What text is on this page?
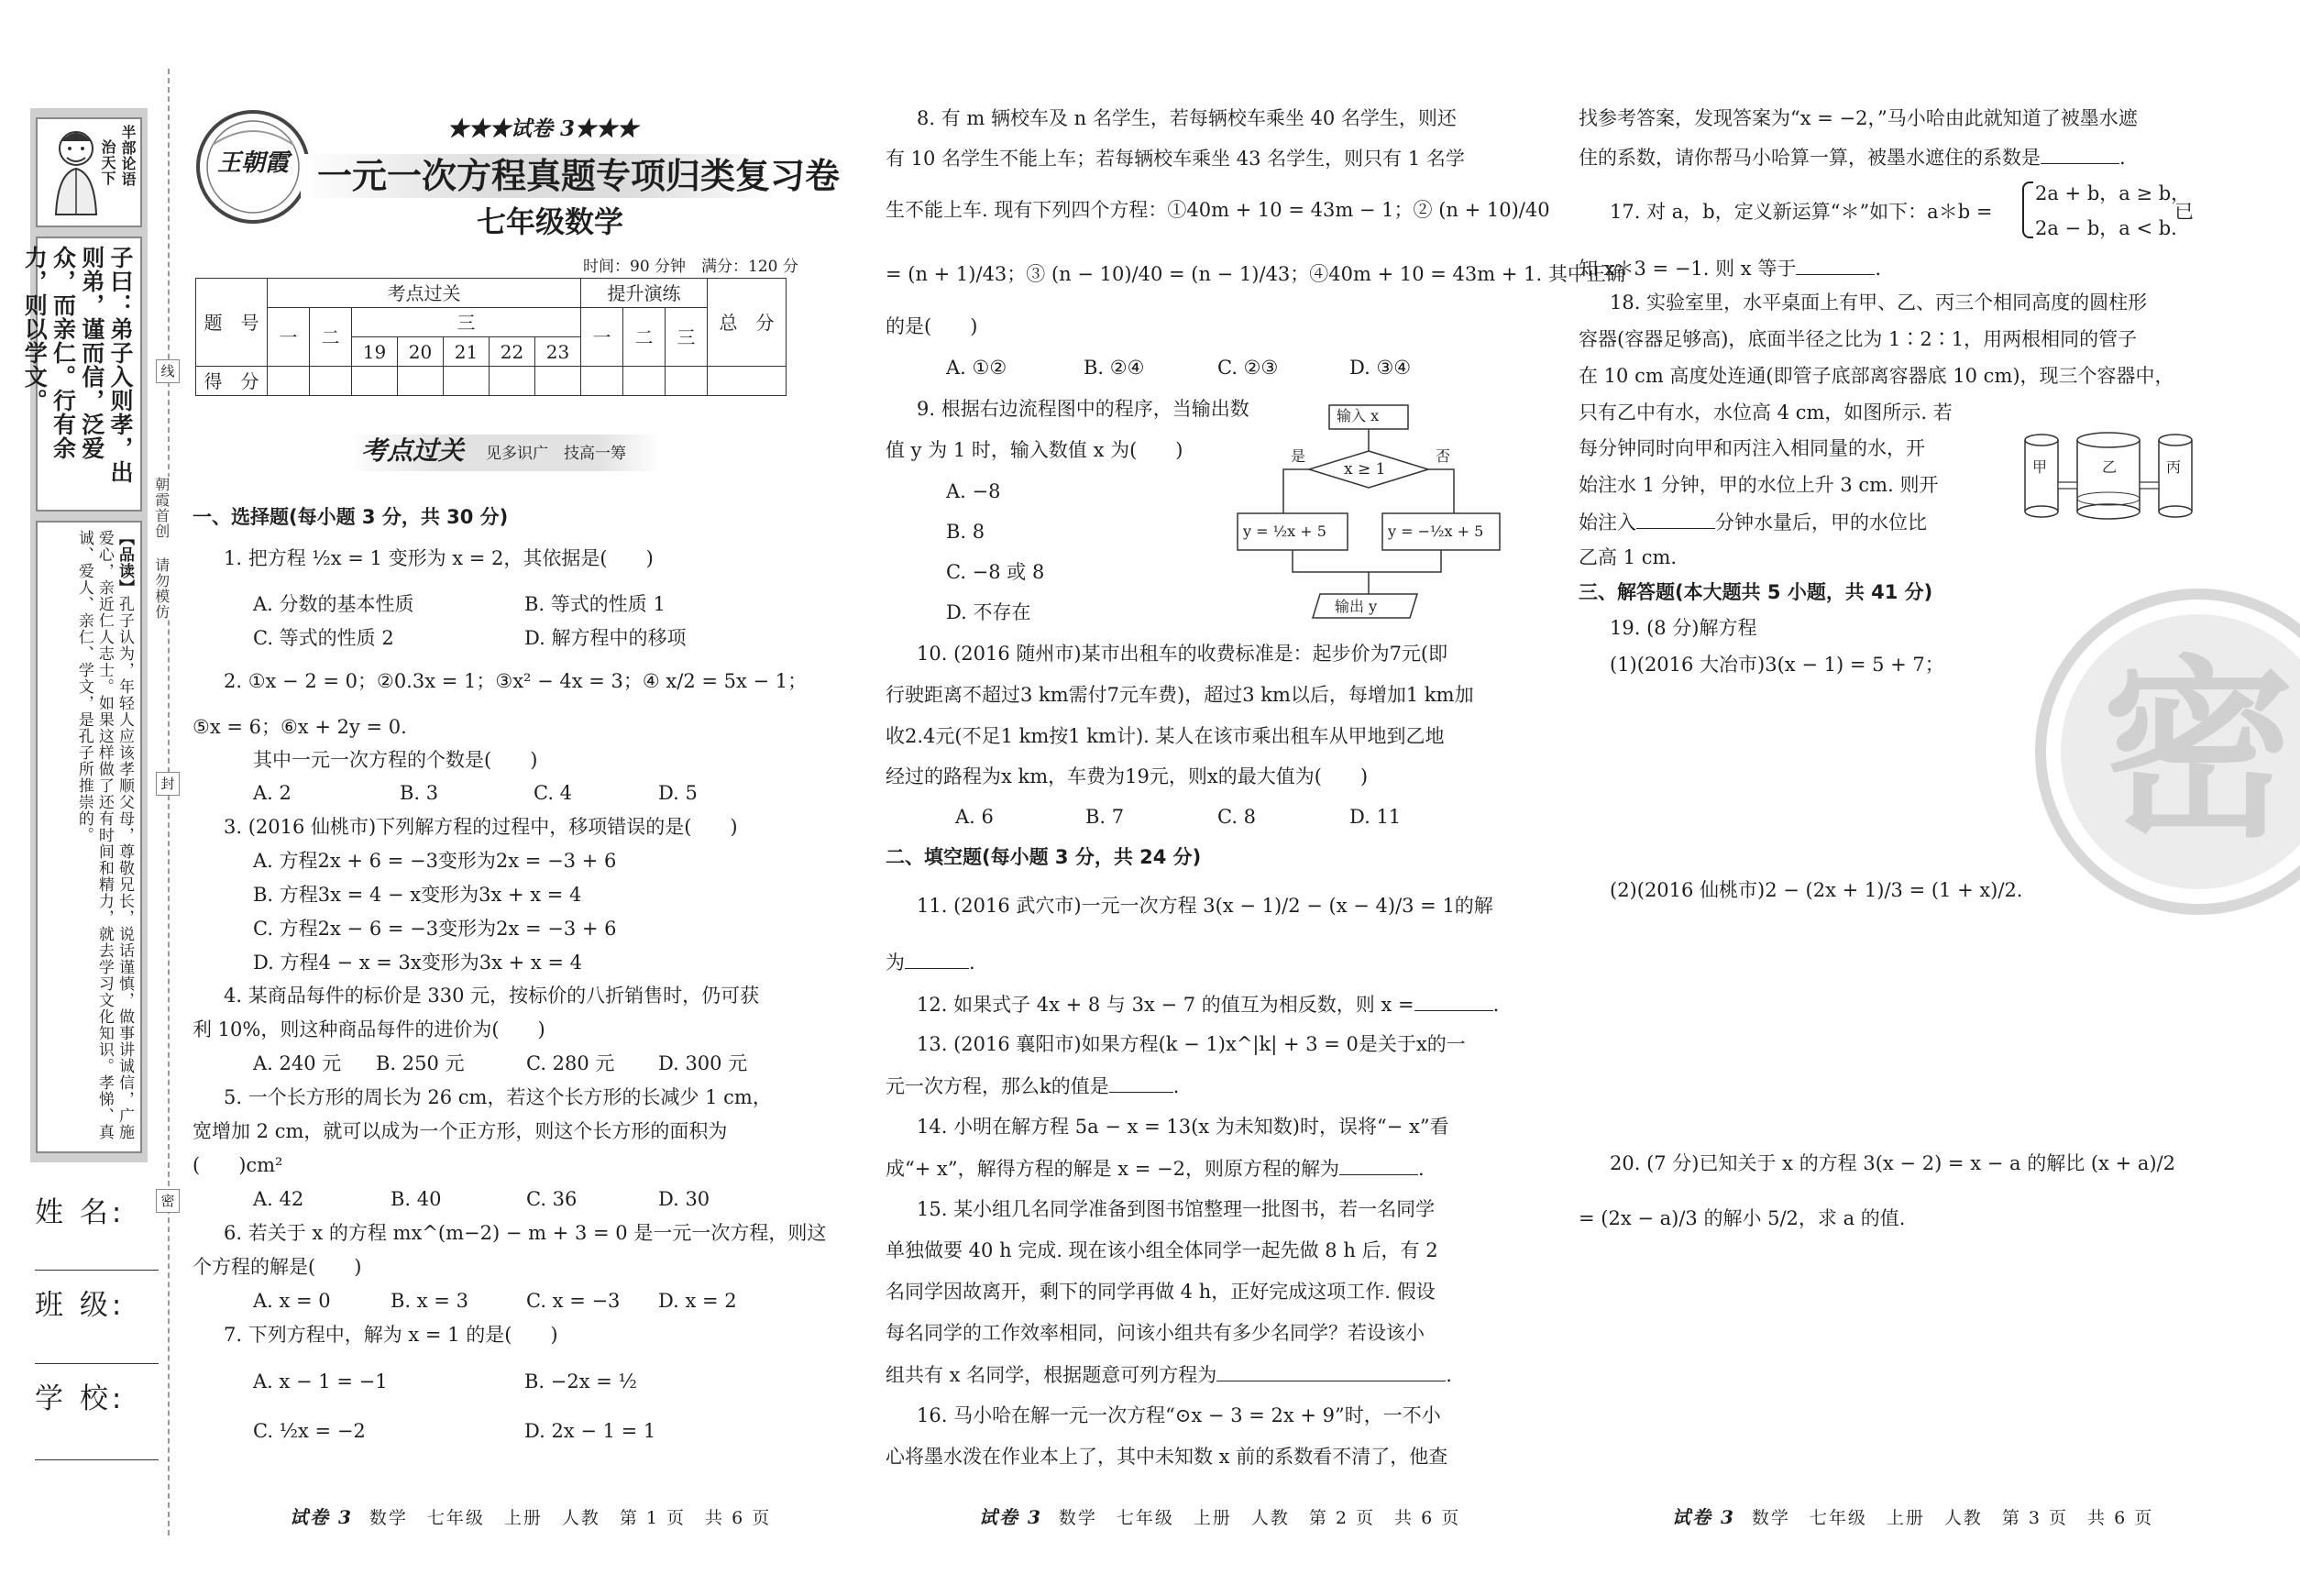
半部论语
治天下
子曰：弟子入则孝，出则弟，谨而信，泛爱众，而亲仁。行有余力，则以学文。
【品读】孔子认为，年轻人应该孝顺父母，尊敬兄长，说话谨慎，做事讲诚信，广施爱心，亲近仁人志士。如果这样做了还有时间和精力，就去学习文化知识。孝悌、真诚、爱人、亲仁、学文，是孔子所推崇的。
线
封
密
朝霞首创 请勿模仿
姓 名:
班 级:
学 校:
王朝霞
★★★试卷 3★★★
一元一次方程真题专项归类复习卷
七年级数学
时间：90 分钟　满分：120 分
题　号	考点过关							提升演练			总　分
	一	二	三					一	二	三	
			19	20	21	22	23				
得　分											
考点过关 见多识广　技高一筹
一、选择题(每小题 3 分，共 30 分)
1. 把方程 ½x = 1 变形为 x = 2，其依据是(　　)
A. 分数的基本性质	B. 等式的性质 1
C. 等式的性质 2	D. 解方程中的移项
2. ①x − 2 = 0；②0.3x = 1；③x² − 4x = 3；④ x/2 = 5x − 1；
⑤x = 6；⑥x + 2y = 0.
其中一元一次方程的个数是(　　)
A. 2	B. 3	C. 4	D. 5
3. (2016 仙桃市)下列解方程的过程中，移项错误的是(　　)
A. 方程2x + 6 = −3变形为2x = −3 + 6
B. 方程3x = 4 − x变形为3x + x = 4
C. 方程2x − 6 = −3变形为2x = −3 + 6
D. 方程4 − x = 3x变形为3x + x = 4
4. 某商品每件的标价是 330 元，按标价的八折销售时，仍可获
利 10%，则这种商品每件的进价为(　　)
A. 240 元 B. 250 元	C. 280 元 D. 300 元
5. 一个长方形的周长为 26 cm，若这个长方形的长减少 1 cm，
宽增加 2 cm，就可以成为一个正方形，则这个长方形的面积为
(　　)cm²
A. 42	B. 40	C. 36	D. 30
6. 若关于 x 的方程 mx^(m−2) − m + 3 = 0 是一元一次方程，则这
个方程的解是(　　)
A. x = 0	B. x = 3	C. x = −3 D. x = 2
7. 下列方程中，解为 x = 1 的是(　　)
A. x − 1 = −1	B. −2x = ½
C. ½x = −2	D. 2x − 1 = 1
8. 有 m 辆校车及 n 名学生，若每辆校车乘坐 40 名学生，则还
有 10 名学生不能上车；若每辆校车乘坐 43 名学生，则只有 1 名学
生不能上车. 现有下列四个方程：①40m + 10 = 43m − 1；② (n + 10)/40
= (n + 1)/43；③ (n − 10)/40 = (n − 1)/43；④40m + 10 = 43m + 1. 其中正确
的是(　　)
A. ①②	B. ②④	C. ②③	D. ③④
9. 根据右边流程图中的程序，当输出数
值 y 为 1 时，输入数值 x 为(　　)
A. −8
B. 8
C. −8 或 8
D. 不存在
10. (2016 随州市)某市出租车的收费标准是：起步价为7元(即
行驶距离不超过3 km需付7元车费)，超过3 km以后，每增加1 km加
收2.4元(不足1 km按1 km计). 某人在该市乘出租车从甲地到乙地
经过的路程为x km，车费为19元，则x的最大值为(　　)
A. 6	B. 7	C. 8	D. 11
二、填空题(每小题 3 分，共 24 分)
11. (2016 武穴市)一元一次方程 3(x − 1)/2 − (x − 4)/3 = 1的解
为	.
12. 如果式子 4x + 8 与 3x − 7 的值互为相反数，则 x =	.
13. (2016 襄阳市)如果方程(k − 1)x^|k| + 3 = 0是关于x的一
元一次方程，那么k的值是	.
14. 小明在解方程 5a − x = 13(x 为未知数)时，误将“− x”看
成“+ x”，解得方程的解是 x = −2，则原方程的解为	.
15. 某小组几名同学准备到图书馆整理一批图书，若一名同学
单独做要 40 h 完成. 现在该小组全体同学一起先做 8 h 后，有 2
名同学因故离开，剩下的同学再做 4 h，正好完成这项工作. 假设
每名同学的工作效率相同，问该小组共有多少名同学？若设该小
组共有 x 名同学，根据题意可列方程为	.
16. 马小哈在解一元一次方程“⊙x − 3 = 2x + 9”时，一不小
心将墨水泼在作业本上了，其中未知数 x 前的系数看不清了，他查
输入 x
x ≥ 1
是	否
y = ½x + 5	y = −½x + 5
输出 y
找参考答案，发现答案为“x = −2，”马小哈由此就知道了被墨水遮
住的系数，请你帮马小哈算一算，被墨水遮住的系数是	.
17. 对 a，b，定义新运算“＊”如下：a＊b =
2a + b，a ≥ b，
2a − b，a < b.
已
知 x＊3 = −1. 则 x 等于	.
18. 实验室里，水平桌面上有甲、乙、丙三个相同高度的圆柱形
容器(容器足够高)，底面半径之比为 1∶2∶1，用两根相同的管子
在 10 cm 高度处连通(即管子底部离容器底 10 cm)，现三个容器中，
只有乙中有水，水位高 4 cm，如图所示. 若
每分钟同时向甲和丙注入相同量的水，开
始注水 1 分钟，甲的水位上升 3 cm. 则开
始注入	分钟水量后，甲的水位比
乙高 1 cm.
三、解答题(本大题共 5 小题，共 41 分)
19. (8 分)解方程
(1)(2016 大冶市)3(x − 1) = 5 + 7；
(2)(2016 仙桃市)2 − (2x + 1)/3 = (1 + x)/2.
20. (7 分)已知关于 x 的方程 3(x − 2) = x − a 的解比 (x + a)/2
= (2x − a)/3 的解小 5/2，求 a 的值.
甲	乙	丙
密
试卷 3 数学　七年级　上册　人教　第 1 页　共 6 页	试卷 3 数学　七年级　上册　人教　第 2 页　共 6 页	试卷 3 数学　七年级　上册　人教　第 3 页　共 6 页
